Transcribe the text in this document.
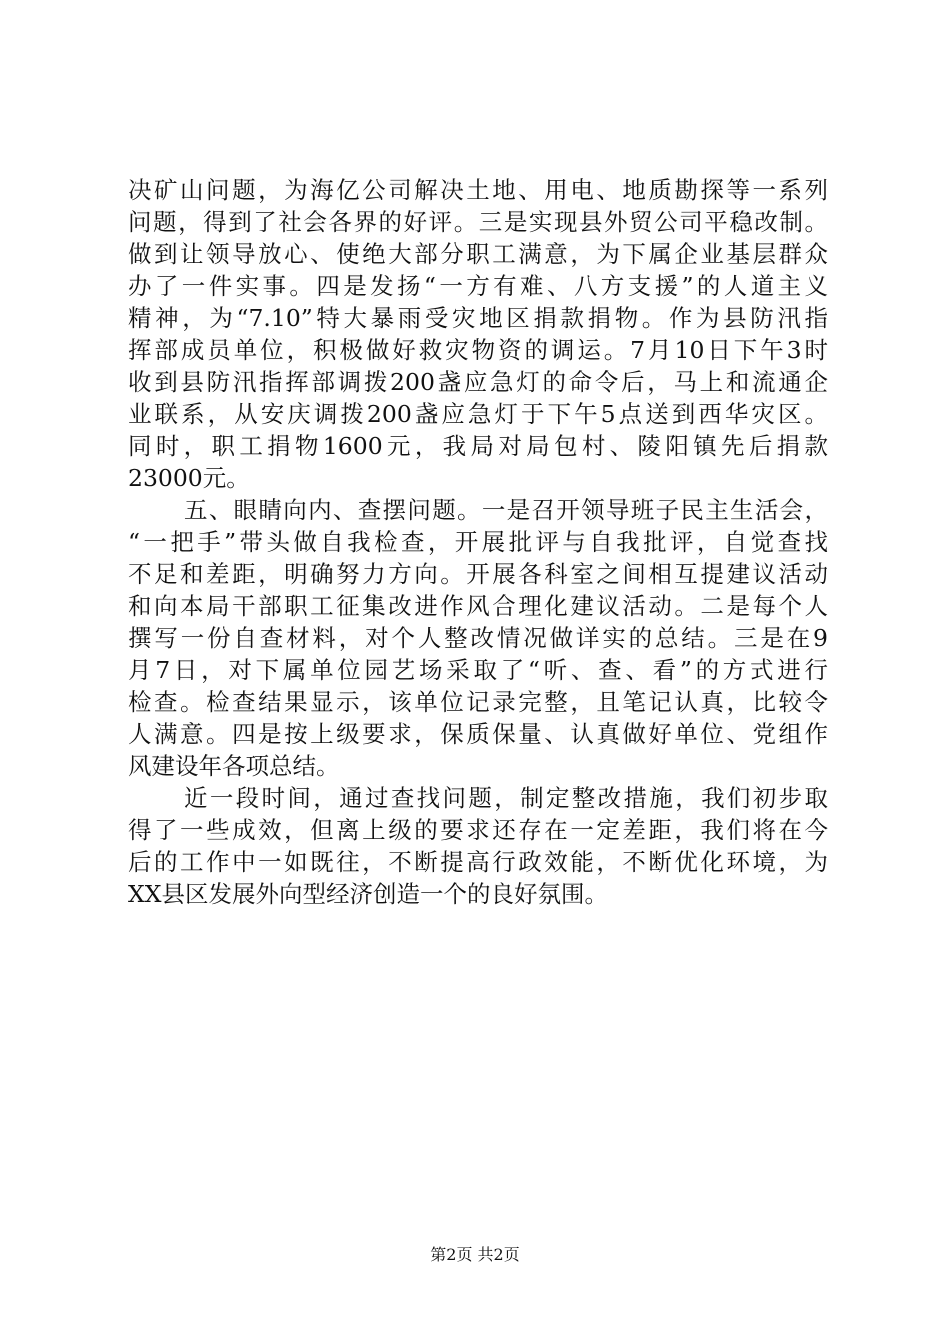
决矿山问题，为海亿公司解决土地、用电、地质勘探等一系列
问题，得到了社会各界的好评。三是实现县外贸公司平稳改制。
做到让领导放心、使绝大部分职工满意，为下属企业基层群众
办了一件实事。四是发扬“一方有难、八方支援”的人道主义
精神，为“7.10”特大暴雨受灾地区捐款捐物。作为县防汛指
挥部成员单位，积极做好救灾物资的调运。7月10日下午3时
收到县防汛指挥部调拨200盏应急灯的命令后，马上和流通企
业联系，从安庆调拨200盏应急灯于下午5点送到西华灾区。
同时，职工捐物1600元，我局对局包村、陵阳镇先后捐款
23000元。
五、眼睛向内、查摆问题。一是召开领导班子民主生活会，
“一把手”带头做自我检查，开展批评与自我批评，自觉查找
不足和差距，明确努力方向。开展各科室之间相互提建议活动
和向本局干部职工征集改进作风合理化建议活动。二是每个人
撰写一份自查材料，对个人整改情况做详实的总结。三是在9
月7日，对下属单位园艺场采取了“听、查、看”的方式进行
检查。检查结果显示，该单位记录完整，且笔记认真，比较令
人满意。四是按上级要求，保质保量、认真做好单位、党组作
风建设年各项总结。
近一段时间，通过查找问题，制定整改措施，我们初步取
得了一些成效，但离上级的要求还存在一定差距，我们将在今
后的工作中一如既往，不断提高行政效能，不断优化环境，为
XX县区发展外向型经济创造一个的良好氛围。
第2页 共2页
